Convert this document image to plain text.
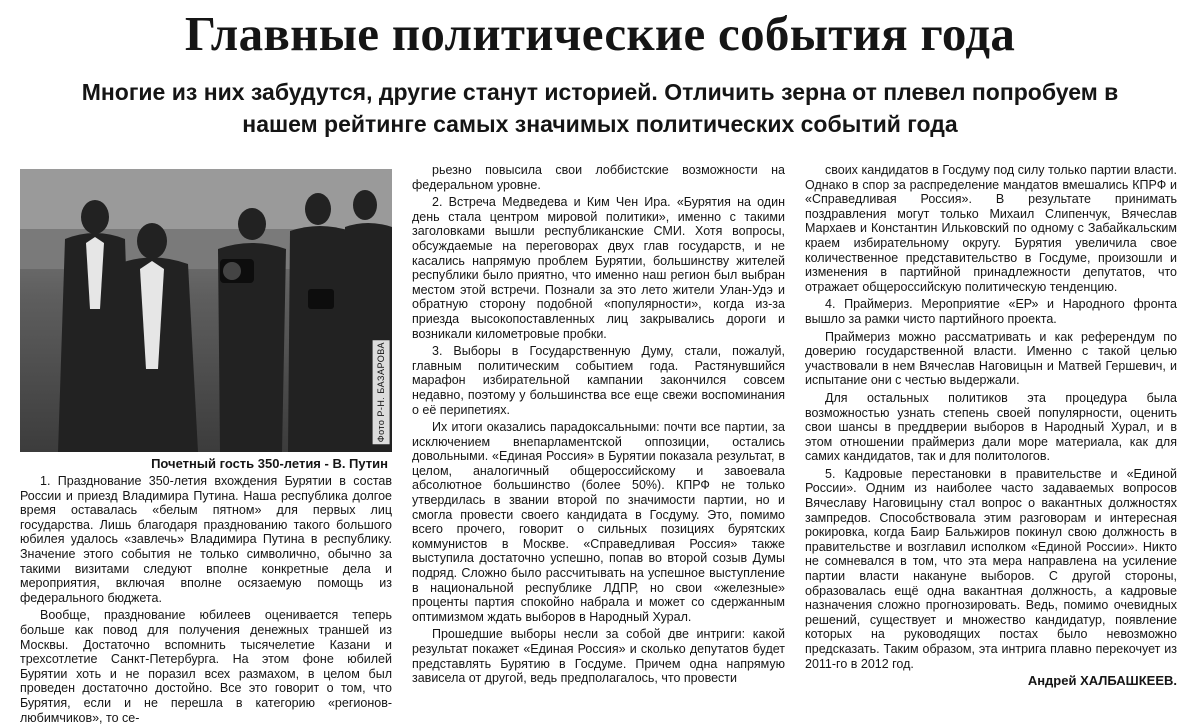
Главные политические события года
Многие из них забудутся, другие станут историей. Отличить зерна от плевел попробуем в нашем рейтинге самых значимых политических событий года
Фото Р-Н. БАЗАРОВА
Почетный гость 350-летия - В. Путин

1. Празднование 350-летия вхождения Бурятии в состав России и приезд Владимира Путина. Наша республика долгое время оставалась «белым пятном» для первых лиц государства. Лишь благодаря празднованию такого большого юбилея удалось «завлечь» Владимира Путина в республику. Значение этого события не только символично, обычно за такими визитами следуют вполне конкретные дела и мероприятия, включая вполне осязаемую помощь из федерального бюджета.

Вообще, празднование юбилеев оценивается теперь больше как повод для получения денежных траншей из Москвы. Достаточно вспомнить тысячелетие Казани и трехсотлетие Санкт-Петербурга. На этом фоне юбилей Бурятии хоть и не поразил всех размахом, в целом был проведен достаточно достойно. Все это говорит о том, что Бурятия, если и не перешла в категорию «регионов-любимчиков», то се-

рьезно повысила свои лоббистские возможности на федеральном уровне.

2. Встреча Медведева и Ким Чен Ира. «Бурятия на один день стала центром мировой политики», именно с такими заголовками вышли республиканские СМИ. Хотя вопросы, обсуждаемые на переговорах двух глав государств, и не касались напрямую проблем Бурятии, большинству жителей республики было приятно, что именно наш регион был выбран местом этой встречи. Познали за это лето жители Улан-Удэ и обратную сторону подобной «популярности», когда из-за приезда высокопоставленных лиц закрывались дороги и возникали километровые пробки.

3. Выборы в Государственную Думу, стали, пожалуй, главным политическим событием года. Растянувшийся марафон избирательной кампании закончился совсем недавно, поэтому у большинства все еще свежи воспоминания о её перипетиях.

Их итоги оказались парадоксальными: почти все партии, за исключением внепарламентской оппозиции, остались довольными. «Единая Россия» в Бурятии показала результат, в целом, аналогичный общероссийскому и завоевала абсолютное большинство (более 50%). КПРФ не только утвердилась в звании второй по значимости партии, но и смогла провести своего кандидата в Госдуму. Это, помимо всего прочего, говорит о сильных позициях бурятских коммунистов в Москве. «Справедливая Россия» также выступила достаточно успешно, попав во второй созыв Думы подряд. Сложно было рассчитывать на успешное выступление в национальной республике ЛДПР, но свои «железные» проценты партия спокойно набрала и может со сдержанным оптимизмом ждать выборов в Народный Хурал.

Прошедшие выборы несли за собой две интриги: какой результат покажет «Единая Россия» и сколько депутатов будет представлять Бурятию в Госдуме. Причем одна напрямую зависела от другой, ведь предполагалось, что провести

своих кандидатов в Госдуму под силу только партии власти. Однако в спор за распределение мандатов вмешались КПРФ и «Справедливая Россия». В результате принимать поздравления могут только Михаил Слипенчук, Вячеслав Мархаев и Константин Ильковский по одному с Забайкальским краем избирательному округу. Бурятия увеличила свое количественное представительство в Госдуме, произошли и изменения в партийной принадлежности депутатов, что отражает общероссийскую политическую тенденцию.

4. Праймериз. Мероприятие «ЕР» и Народного фронта вышло за рамки чисто партийного проекта.

Праймериз можно рассматривать и как референдум по доверию государственной власти. Именно с такой целью участвовали в нем Вячеслав Наговицын и Матвей Гершевич, и испытание они с честью выдержали.

Для остальных политиков эта процедура была возможностью узнать степень своей популярности, оценить свои шансы в преддверии выборов в Народный Хурал, и в этом отношении праймериз дали море материала, как для самих кандидатов, так и для политологов.

5. Кадровые перестановки в правительстве и «Единой России». Одним из наиболее часто задаваемых вопросов Вячеславу Наговицыну стал вопрос о вакантных должностях зампредов. Способствовала этим разговорам и интересная рокировка, когда Баир Бальжиров покинул свою должность в правительстве и возглавил исполком «Единой России». Никто не сомневался в том, что эта мера направлена на усиление партии власти накануне выборов. С другой стороны, образовалась ещё одна вакантная должность, а кадровые назначения сложно прогнозировать. Ведь, помимо очевидных решений, существует и множество кандидатур, появление которых на руководящих постах было невозможно предсказать. Таким образом, эта интрига плавно перекочует из 2011-го в 2012 год.

Андрей ХАЛБАШКЕЕВ.
